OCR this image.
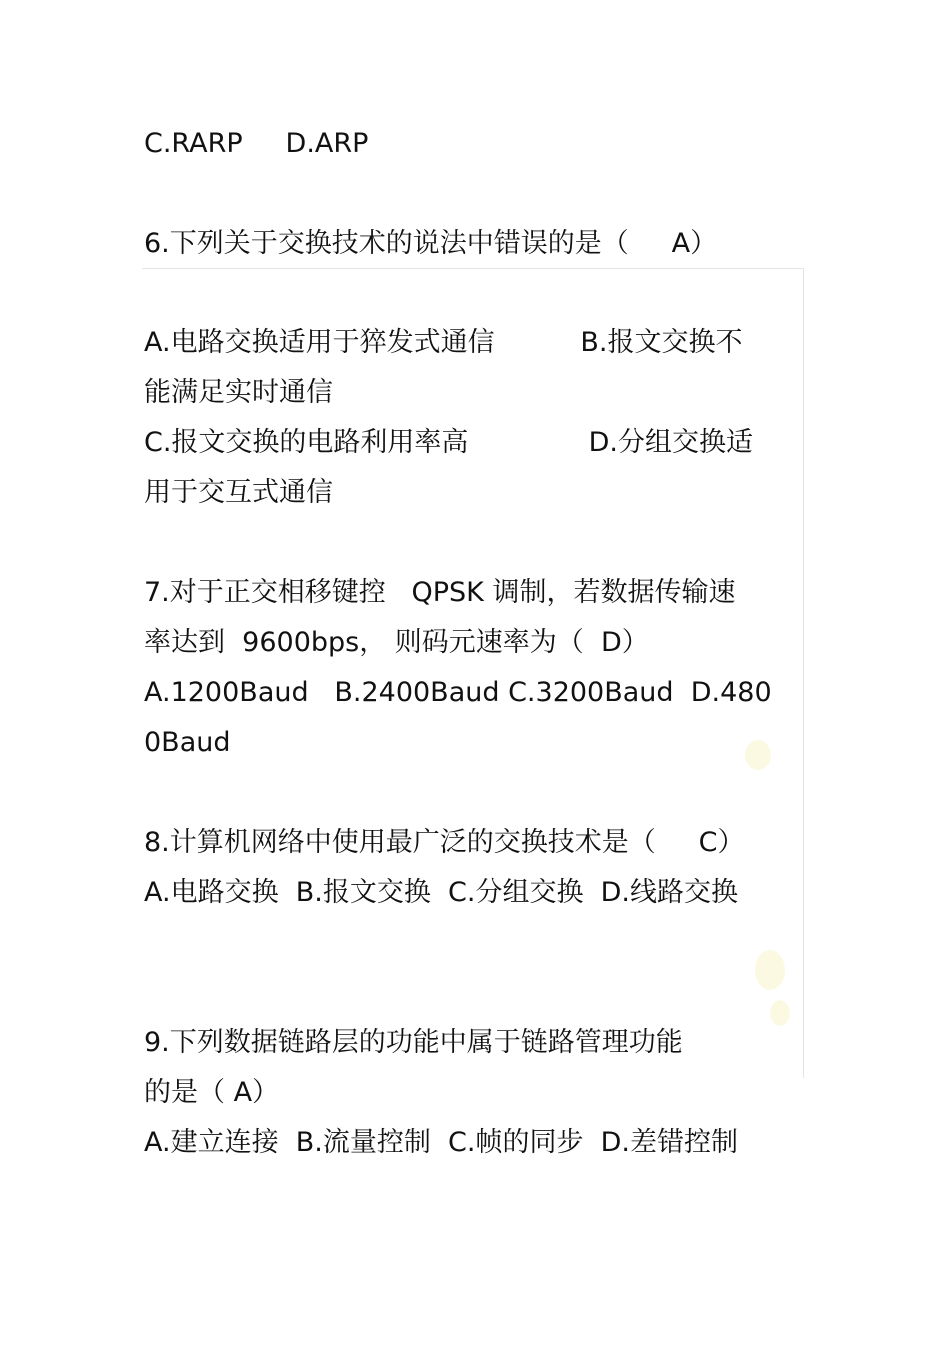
C.RARP     D.ARP
6.下列关于交换技术的说法中错误的是（     A）
A.电路交换适用于猝发式通信          B.报文交换不
能满足实时通信
C.报文交换的电路利用率高              D.分组交换适
用于交互式通信
7.对于正交相移键控   QPSK 调制，若数据传输速
率达到  9600bps， 则码元速率为（  D）
A.1200Baud   B.2400Baud C.3200Baud  D.480
0Baud
8.计算机网络中使用最广泛的交换技术是（     C）
A.电路交换  B.报文交换  C.分组交换  D.线路交换
9.下列数据链路层的功能中属于链路管理功能
的是（ A）
A.建立连接  B.流量控制  C.帧的同步  D.差错控制
